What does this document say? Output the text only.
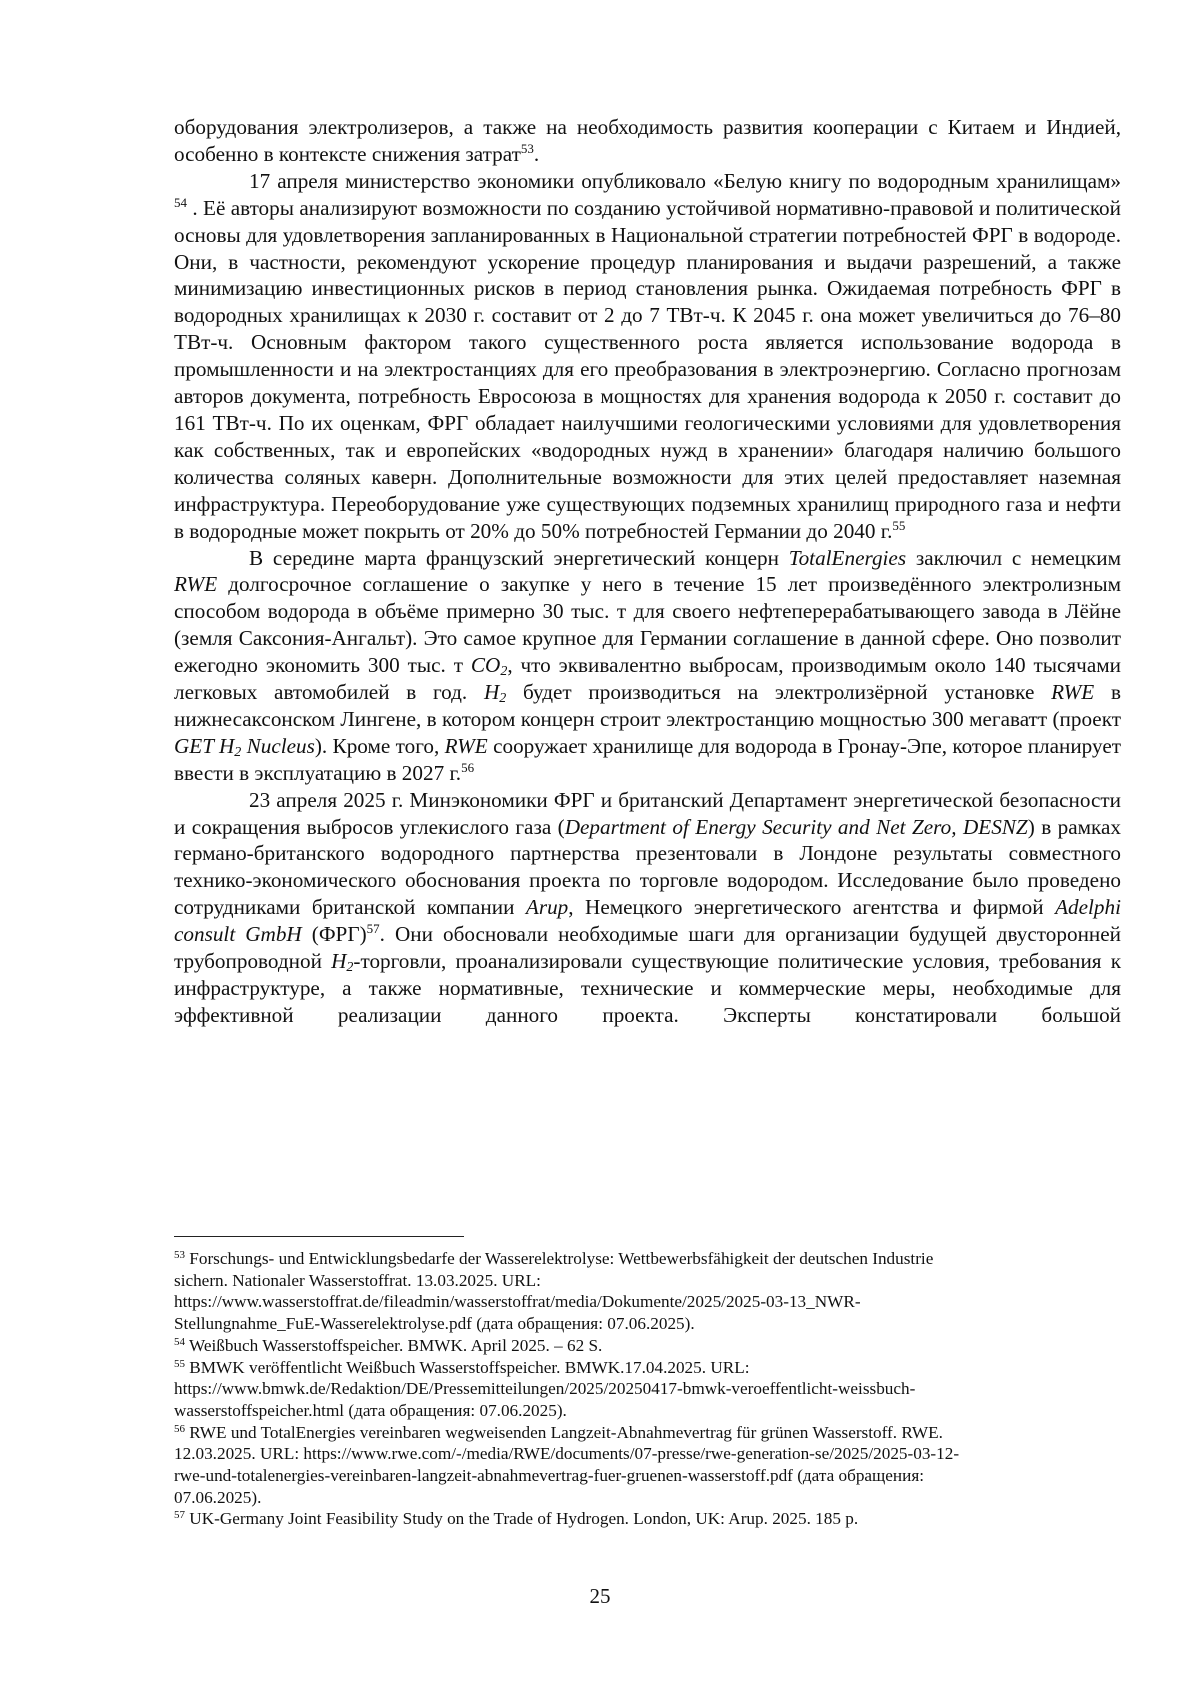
оборудования электролизеров, а также на необходимость развития кооперации с Китаем и Индией, особенно в контексте снижения затрат$^{53}$.

17 апреля министерство экономики опубликовало «Белую книгу по водородным хранилищам» $^{54}$ . Её авторы анализируют возможности по созданию устойчивой нормативно-правовой и политической основы для удовлетворения запланированных в Национальной стратегии потребностей ФРГ в водороде. Они, в частности, рекомендуют ускорение процедур планирования и выдачи разрешений, а также минимизацию инвестиционных рисков в период становления рынка. Ожидаемая потребность ФРГ в водородных хранилищах к 2030 г. составит от 2 до 7 ТВт-ч. К 2045 г. она может увеличиться до 76–80 ТВт-ч. Основным фактором такого существенного роста является использование водорода в промышленности и на электростанциях для его преобразования в электроэнергию. Согласно прогнозам авторов документа, потребность Евросоюза в мощностях для хранения водорода к 2050 г. составит до 161 ТВт-ч. По их оценкам, ФРГ обладает наилучшими геологическими условиями для удовлетворения как собственных, так и европейских «водородных нужд в хранении» благодаря наличию большого количества соляных каверн. Дополнительные возможности для этих целей предоставляет наземная инфраструктура. Переоборудование уже существующих подземных хранилищ природного газа и нефти в водородные может покрыть от 20% до 50% потребностей Германии до 2040 г.$^{55}$

В середине марта французский энергетический концерн TotalEnergies заключил с немецким RWE долгосрочное соглашение о закупке у него в течение 15 лет произведённого электролизным способом водорода в объёме примерно 30 тыс. т для своего нефтеперерабатывающего завода в Лёйне (земля Саксония-Ангальт). Это самое крупное для Германии соглашение в данной сфере. Оно позволит ежегодно экономить 300 тыс. т $CO_2$, что эквивалентно выбросам, производимым около 140 тысячами легковых автомобилей в год. $H_2$ будет производиться на электролизёрной установке RWE в нижнесаксонском Лингене, в котором концерн строит электростанцию мощностью 300 мегаватт (проект GET $H_2$ Nucleus). Кроме того, RWE сооружает хранилище для водорода в Гронау-Эпе, которое планирует ввести в эксплуатацию в 2027 г.$^{56}$

23 апреля 2025 г. Минэкономики ФРГ и британский Департамент энергетической безопасности и сокращения выбросов углекислого газа (Department of Energy Security and Net Zero, DESNZ) в рамках германо-британского водородного партнерства презентовали в Лондоне результаты совместного технико-экономического обоснования проекта по торговле водородом. Исследование было проведено сотрудниками британской компании Arup, Немецкого энергетического агентства и фирмой Adelphi consult GmbH (ФРГ)$^{57}$. Они обосновали необходимые шаги для организации будущей двусторонней трубопроводной $H_2$-торговли, проанализировали существующие политические условия, требования к инфраструктуре, а также нормативные, технические и коммерческие меры, необходимые для эффективной реализации данного проекта. Эксперты констатировали большой

$^{53}$ Forschungs- und Entwicklungsbedarfe der Wasserelektrolyse: Wettbewerbsfähigkeit der deutschen Industrie
sichern. Nationaler Wasserstoffrat. 13.03.2025. URL:
https://www.wasserstoffrat.de/fileadmin/wasserstoffrat/media/Dokumente/2025/2025-03-13_NWR-
Stellungnahme_FuE-Wasserelektrolyse.pdf (дата обращения: 07.06.2025).

$^{54}$ Weißbuch Wasserstoffspeicher. BMWK. April 2025. – 62 S.

$^{55}$ BMWK veröffentlicht Weißbuch Wasserstoffspeicher. BMWK.17.04.2025. URL:
https://www.bmwk.de/Redaktion/DE/Pressemitteilungen/2025/20250417-bmwk-veroeffentlicht-weissbuch-
wasserstoffspeicher.html (дата обращения: 07.06.2025).

$^{56}$ RWE und TotalEnergies vereinbaren wegweisenden Langzeit-Abnahmevertrag für grünen Wasserstoff. RWE.
12.03.2025. URL: https://www.rwe.com/-/media/RWE/documents/07-presse/rwe-generation-se/2025/2025-03-12-
rwe-und-totalenergies-vereinbaren-langzeit-abnahmevertrag-fuer-gruenen-wasserstoff.pdf (дата обращения:
07.06.2025).

$^{57}$ UK-Germany Joint Feasibility Study on the Trade of Hydrogen. London, UK: Arup. 2025. 185 p.

25
